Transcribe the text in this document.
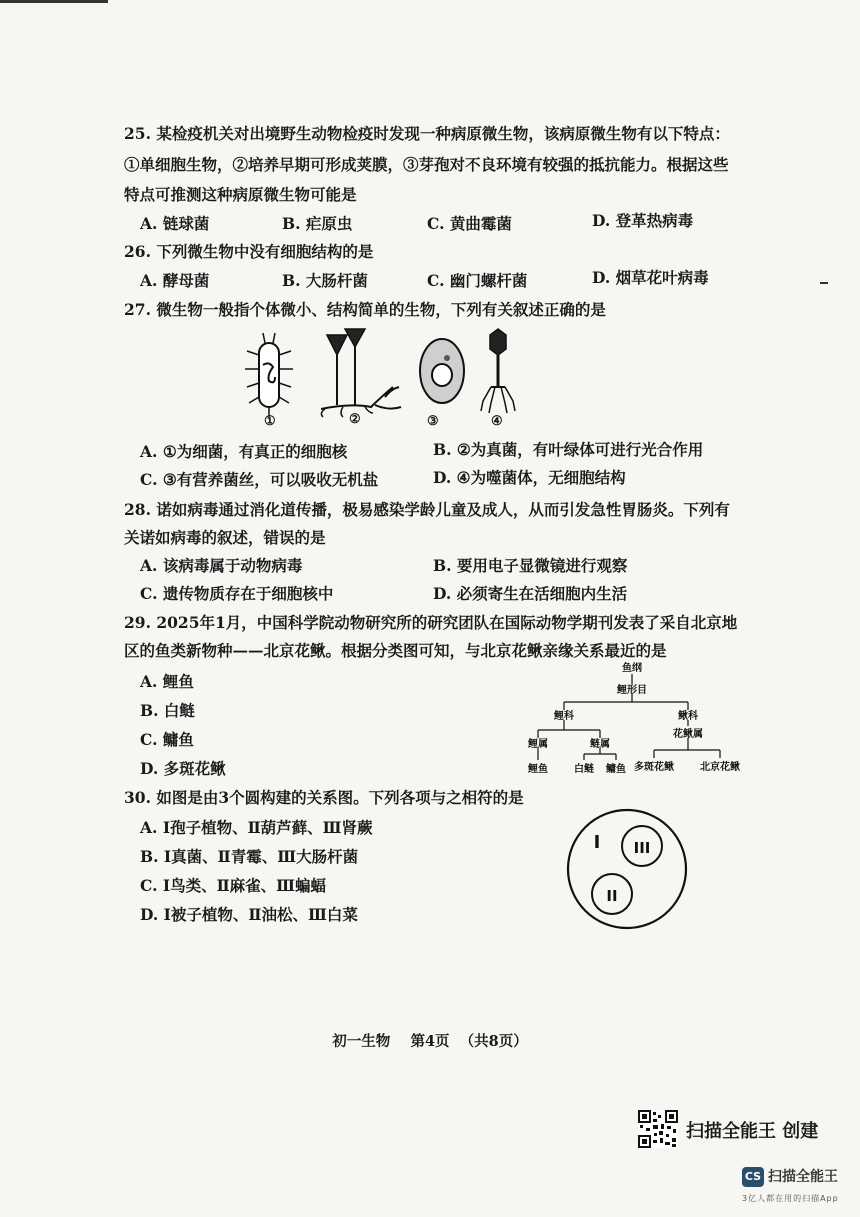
25. 某检疫机关对出境野生动物检疫时发现一种病原微生物，该病原微生物有以下特点：
①单细胞生物，②培养早期可形成荚膜，③芽孢对不良环境有较强的抵抗能力。根据这些
特点可推测这种病原微生物可能是
A. 链球菌	B. 疟原虫	C. 黄曲霉菌	D. 登革热病毒
26. 下列微生物中没有细胞结构的是
A. 酵母菌	B. 大肠杆菌	C. 幽门螺杆菌	D. 烟草花叶病毒
27. 微生物一般指个体微小、结构简单的生物，下列有关叙述正确的是
①	②	③	④
A. ①为细菌，有真正的细胞核	B. ②为真菌，有叶绿体可进行光合作用
C. ③有营养菌丝，可以吸收无机盐	D. ④为噬菌体，无细胞结构
28. 诺如病毒通过消化道传播，极易感染学龄儿童及成人，从而引发急性胃肠炎。下列有
关诺如病毒的叙述，错误的是
A. 该病毒属于动物病毒	B. 要用电子显微镜进行观察
C. 遗传物质存在于细胞核中	D. 必须寄生在活细胞内生活
29. 2025年1月，中国科学院动物研究所的研究团队在国际动物学期刊发表了采自北京地
区的鱼类新物种——北京花鳅。根据分类图可知，与北京花鳅亲缘关系最近的是
A. 鲤鱼
B. 白鲢
C. 鳙鱼
D. 多斑花鳅
鱼纲
鲤形目
鲤科	鳅科
鲤属	鲢属
花鳅属
鲤鱼	白鲢 鳙鱼 多斑花鳅	北京花鳅
30. 如图是由3个圆构建的关系图。下列各项与之相符的是
A. Ⅰ孢子植物、Ⅱ葫芦藓、Ⅲ肾蕨
B. Ⅰ真菌、Ⅱ青霉、Ⅲ大肠杆菌
C. Ⅰ鸟类、Ⅱ麻雀、Ⅲ蝙蝠
D. Ⅰ被子植物、Ⅱ油松、Ⅲ白菜
I III
II
初一生物    第4页  （共8页）
扫描全能王 创建
CS 扫描全能王
3亿人都在用的扫描App
